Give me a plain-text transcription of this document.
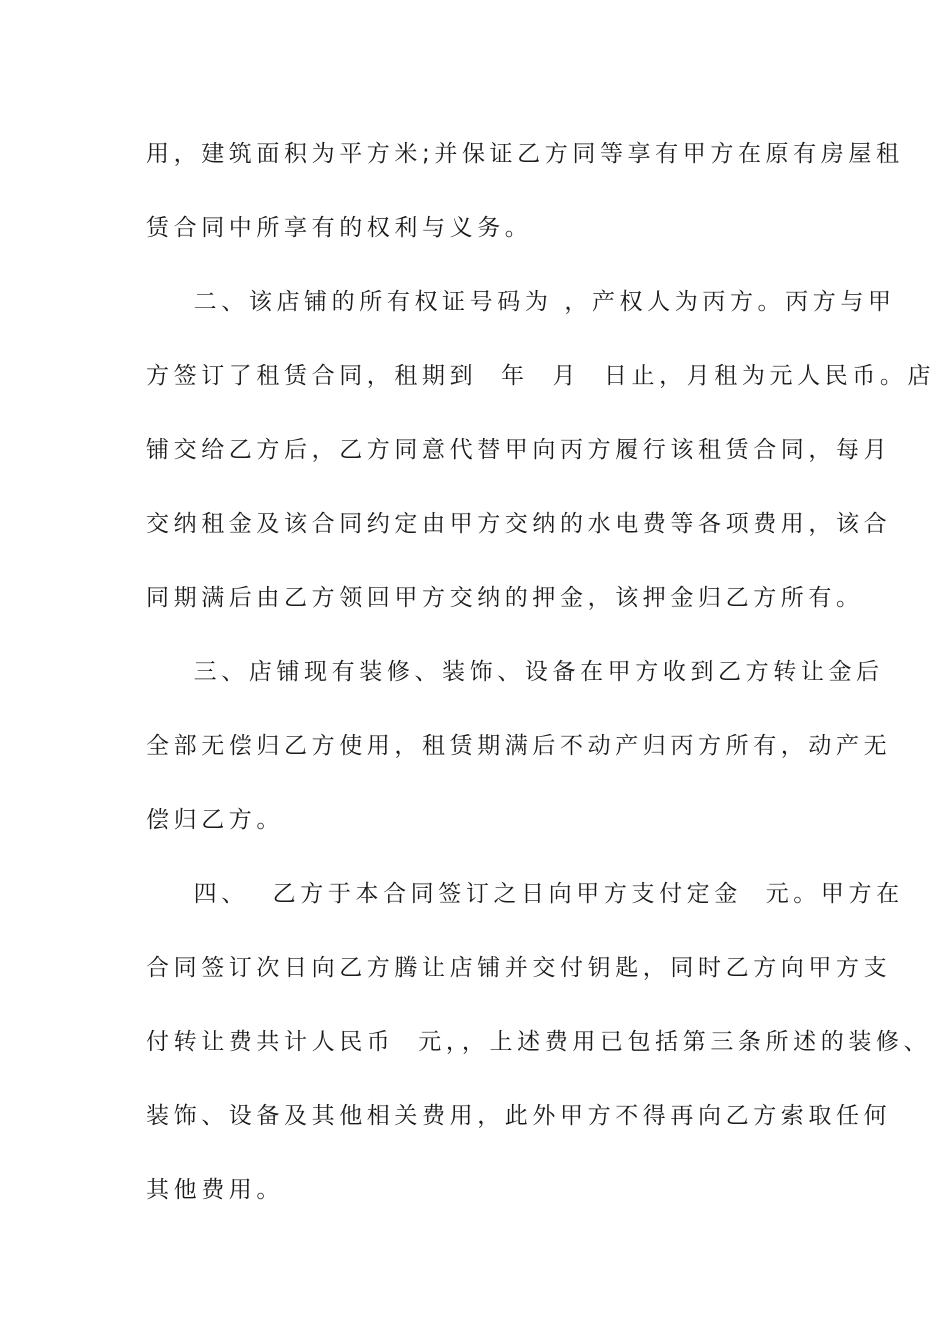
用，建筑面积为平方米;并保证乙方同等享有甲方在原有房屋租
赁合同中所享有的权利与义务。
二、该店铺的所有权证号码为 ，产权人为丙方。丙方与甲
方签订了租赁合同，租期到  年  月  日止，月租为元人民币。店
铺交给乙方后，乙方同意代替甲向丙方履行该租赁合同，每月
交纳租金及该合同约定由甲方交纳的水电费等各项费用，该合
同期满后由乙方领回甲方交纳的押金，该押金归乙方所有。
三、店铺现有装修、装饰、设备在甲方收到乙方转让金后
全部无偿归乙方使用，租赁期满后不动产归丙方所有，动产无
偿归乙方。
四、  乙方于本合同签订之日向甲方支付定金  元。甲方在
合同签订次日向乙方腾让店铺并交付钥匙，同时乙方向甲方支
付转让费共计人民币  元，，上述费用已包括第三条所述的装修、
装饰、设备及其他相关费用，此外甲方不得再向乙方索取任何
其他费用。
